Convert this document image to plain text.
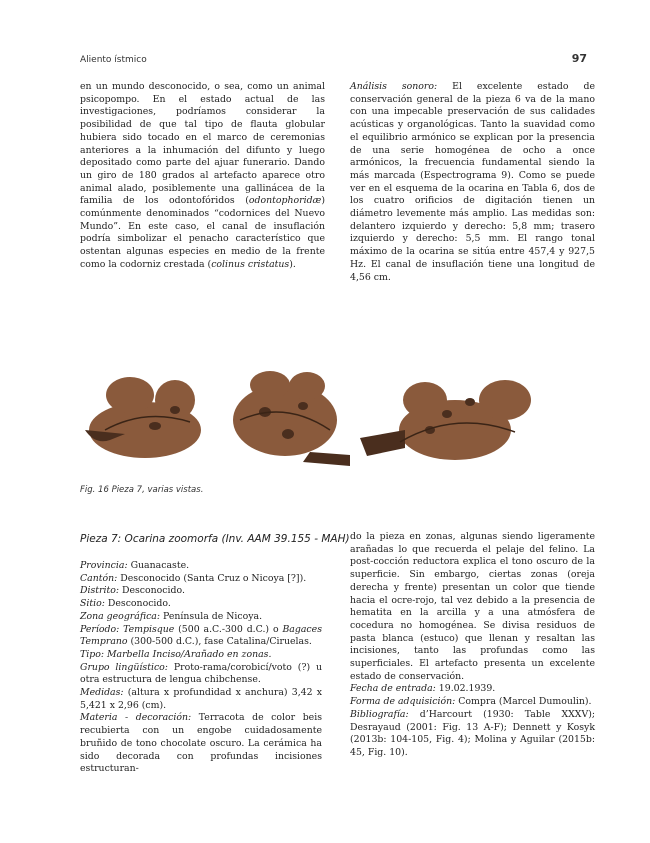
Aliento ístmico	97

en un mundo desconocido, o sea, como un animal psicopompo. En el estado actual de las investigaciones, podríamos considerar la posibilidad de que tal tipo de flauta globular hubiera sido tocado en el marco de ceremonias anteriores a la inhumación del difunto y luego depositado como parte del ajuar funerario. Dando un giro de 180 grados al artefacto aparece otro animal alado, posiblemente una gallinácea de la familia de los odontofóridos (odontophoridæ) comúnmente denominados “codornices del Nuevo Mundo”. En este caso, el canal de insuflación podría simbolizar el penacho característico que ostentan algunas especies en medio de la frente como la codorniz crestada (colinus cristatus).

Análisis sonoro: El excelente estado de conservación general de la pieza 6 va de la mano con una impecable preservación de sus calidades acústicas y organológicas. Tanto la suavidad como el equilibrio armónico se explican por la presencia de una serie homogénea de ocho a once armónicos, la frecuencia fundamental siendo la más marcada (Espectrograma 9). Como se puede ver en el esquema de la ocarina en Tabla 6, dos de los cuatro orificios de digitación tienen un diámetro levemente más amplio. Las medidas son: delantero izquierdo y derecho: 5,8 mm; trasero izquierdo y derecho: 5,5 mm. El rango tonal máximo de la ocarina se sitúa entre 457,4 y 927,5 Hz. El canal de insuflación tiene una longitud de 4,56 cm.

Fig. 16 Pieza 7, varias vistas.
Pieza 7: Ocarina zoomorfa (Inv. AAM 39.155 - MAH)

Provincia: Guanacaste.

Cantón: Desconocido (Santa Cruz o Nicoya [?]).

Distrito: Desconocido.

Sitio: Desconocido.

Zona geográfica: Península de Nicoya.

Período: Tempisque (500 a.C.-300 d.C.) o Bagaces Temprano (300-500 d.C.), fase Catalina/Ciruelas.

Tipo: Marbella Inciso/Arañado en zonas.

Grupo lingüístico: Proto-rama/corobicí/voto (?) u otra estructura de lengua chibchense.

Medidas: (altura x profundidad x anchura) 3,42 x 5,421 x 2,96 (cm).

Materia - decoración: Terracota de color beis recubierta con un engobe cuidadosamente bruñido de tono chocolate oscuro. La cerámica ha sido decorada con profundas incisiones estructuran-

do la pieza en zonas, algunas siendo ligeramente arañadas lo que recuerda el pelaje del felino. La post-cocción reductora explica el tono oscuro de la superficie. Sin embargo, ciertas zonas (oreja derecha y frente) presentan un color que tiende hacia el ocre-rojo, tal vez debido a la presencia de hematita en la arcilla y a una atmósfera de cocedura no homogénea. Se divisa residuos de pasta blanca (estuco) que llenan y resaltan las incisiones, tanto las profundas como las superficiales. El artefacto presenta un excelente estado de conservación.

Fecha de entrada: 19.02.1939.

Forma de adquisición: Compra (Marcel Dumoulin).

Bibliografía: d’Harcourt (1930: Table XXXV); Desrayaud (2001: Fig. 13 A-F); Dennett y Kosyk (2013b: 104-105, Fig. 4); Molina y Aguilar (2015b: 45, Fig. 10).
